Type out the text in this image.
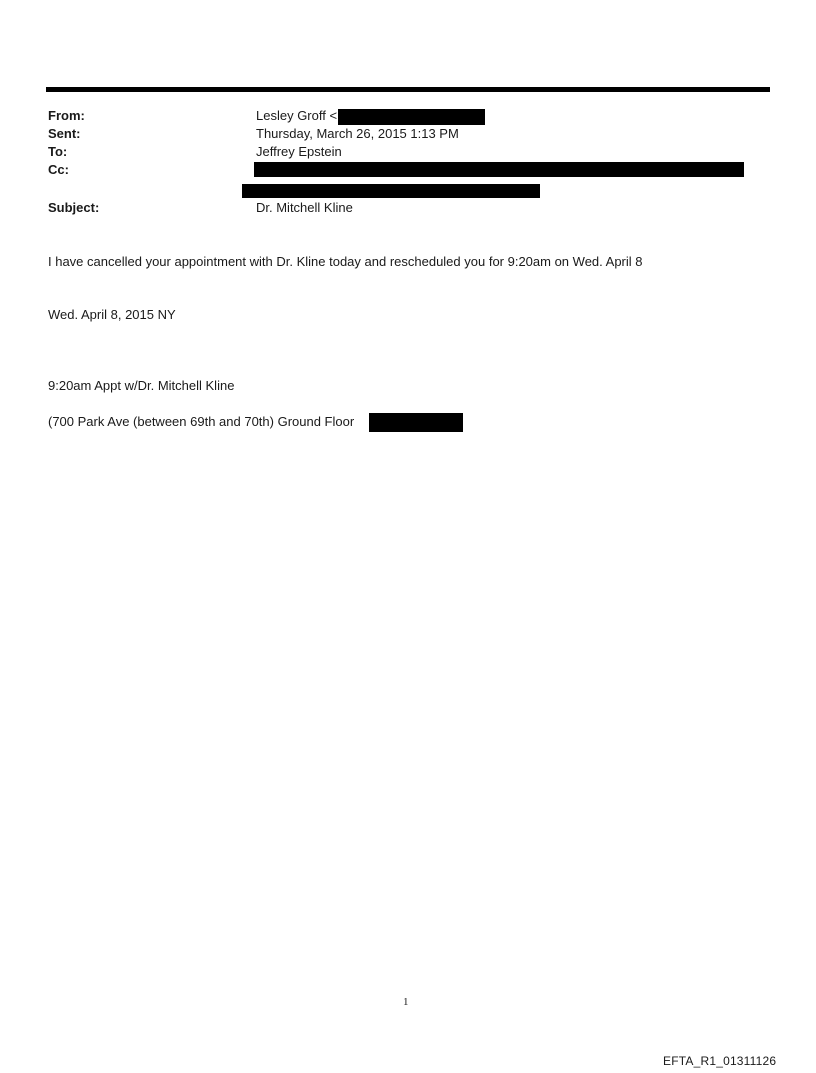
From:	Lesley Groff <
Sent:	Thursday, March 26, 2015 1:13 PM
To:	Jeffrey Epstein
Cc:
Subject:	Dr. Mitchell Kline
I have cancelled your appointment with Dr. Kline today and rescheduled you for 9:20am on Wed. April 8
Wed. April 8, 2015 NY
9:20am Appt w/Dr. Mitchell Kline
(700 Park Ave (between 69th and 70th) Ground Floor
1
EFTA_R1_01311126
